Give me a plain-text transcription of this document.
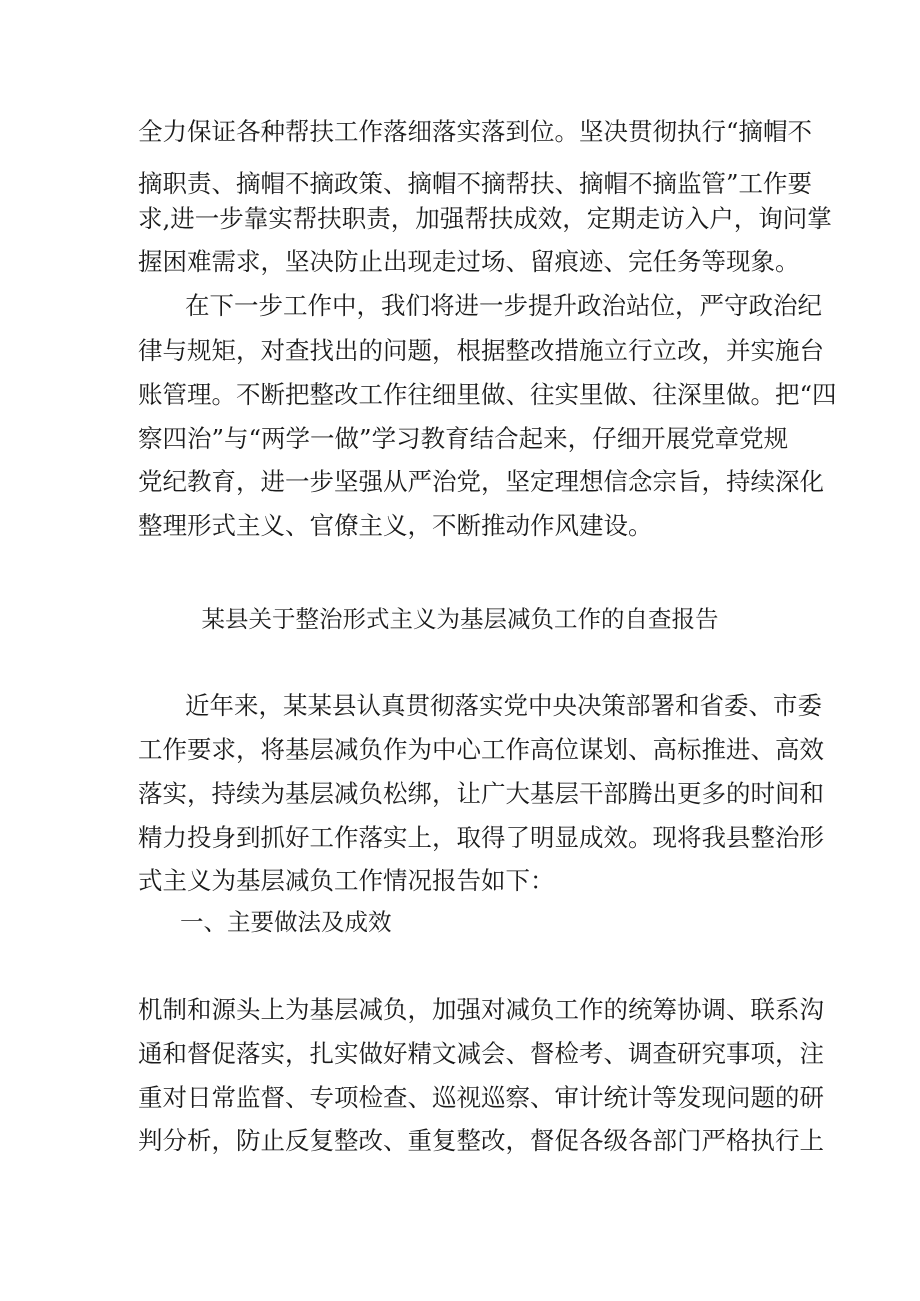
全力保证各种帮扶工作落细落实落到位。坚决贯彻执行“摘帽不
摘职责、摘帽不摘政策、摘帽不摘帮扶、摘帽不摘监管”工作要
求,进一步靠实帮扶职责，加强帮扶成效，定期走访入户，询问掌
握困难需求，坚决防止出现走过场、留痕迹、完任务等现象。
在下一步工作中，我们将进一步提升政治站位，严守政治纪
律与规矩，对查找出的问题，根据整改措施立行立改，并实施台
账管理。不断把整改工作往细里做、往实里做、往深里做。把“四
察四治”与“两学一做”学习教育结合起来，仔细开展党章党规
党纪教育，进一步坚强从严治党，坚定理想信念宗旨，持续深化
整理形式主义、官僚主义，不断推动作风建设。
某县关于整治形式主义为基层减负工作的自查报告
近年来，某某县认真贯彻落实党中央决策部署和省委、市委
工作要求，将基层减负作为中心工作高位谋划、高标推进、高效
落实，持续为基层减负松绑，让广大基层干部腾出更多的时间和
精力投身到抓好工作落实上，取得了明显成效。现将我县整治形
式主义为基层减负工作情况报告如下：
一、主要做法及成效
机制和源头上为基层减负，加强对减负工作的统筹协调、联系沟
通和督促落实，扎实做好精文减会、督检考、调查研究事项，注
重对日常监督、专项检查、巡视巡察、审计统计等发现问题的研
判分析，防止反复整改、重复整改，督促各级各部门严格执行上
